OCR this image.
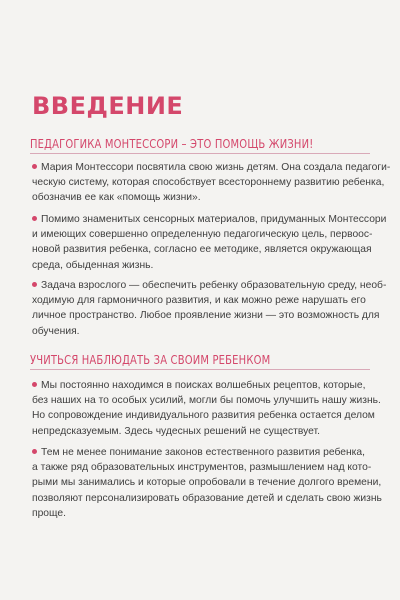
ВВЕДЕНИЕ
ПЕДАГОГИКА МОНТЕССОРИ – ЭТО ПОМОЩЬ ЖИЗНИ!
Мария Монтессори посвятила свою жизнь детям. Она создала педагоги-
ческую систему, которая способствует всестороннему развитию ребенка,
обозначив ее как «помощь жизни».
Помимо знаменитых сенсорных материалов, придуманных Монтессори
и имеющих совершенно определенную педагогическую цель, первоос-
новой развития ребенка, согласно ее методике, является окружающая
среда, обыденная жизнь.
Задача взрослого — обеспечить ребенку образовательную среду, необ-
ходимую для гармоничного развития, и как можно реже нарушать его
личное пространство. Любое проявление жизни — это возможность для
обучения.
УЧИТЬСЯ НАБЛЮДАТЬ ЗА СВОИМ РЕБЕНКОМ
Мы постоянно находимся в поисках волшебных рецептов, которые,
без наших на то особых усилий, могли бы помочь улучшить нашу жизнь.
Но сопровождение индивидуального развития ребенка остается делом
непредсказуемым. Здесь чудесных решений не существует.
Тем не менее понимание законов естественного развития ребенка,
а также ряд образовательных инструментов, размышлением над кото-
рыми мы занимались и которые опробовали в течение долгого времени,
позволяют персонализировать образование детей и сделать свою жизнь
проще.
